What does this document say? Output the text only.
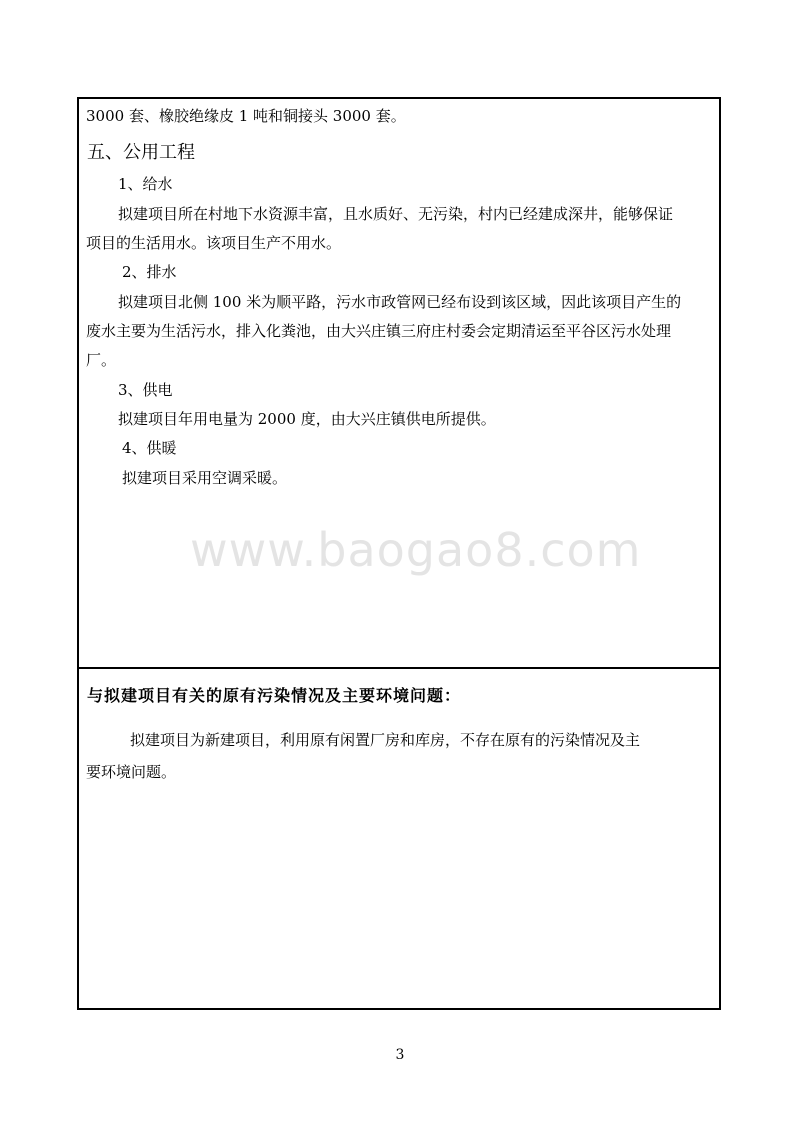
3000 套、橡胶绝缘皮 1 吨和铜接头 3000 套。
五、公用工程
1、给水
拟建项目所在村地下水资源丰富，且水质好、无污染，村内已经建成深井，能够保证
项目的生活用水。该项目生产不用水。
2、排水
拟建项目北侧 100 米为顺平路，污水市政管网已经布设到该区域，因此该项目产生的
废水主要为生活污水，排入化粪池，由大兴庄镇三府庄村委会定期清运至平谷区污水处理
厂。
3、供电
拟建项目年用电量为 2000 度，由大兴庄镇供电所提供。
4、供暖
拟建项目采用空调采暖。
www.baogao8.com
与拟建项目有关的原有污染情况及主要环境问题：
拟建项目为新建项目，利用原有闲置厂房和库房，不存在原有的污染情况及主
要环境问题。
3
